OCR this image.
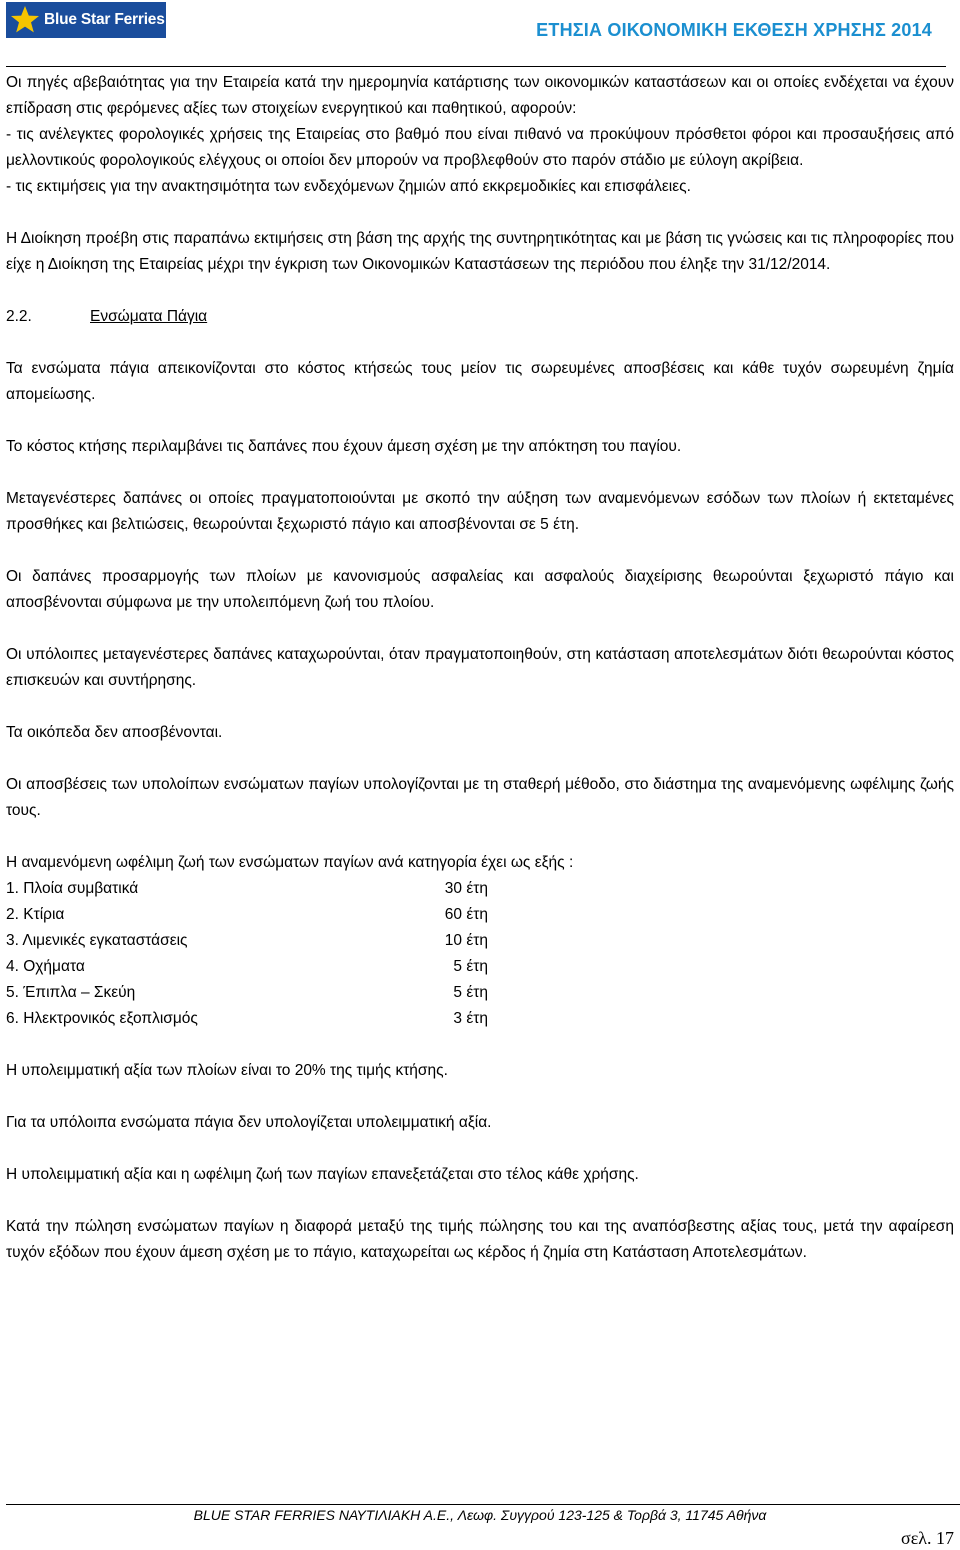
Blue Star Ferries
ΕΤΗΣΙΑ ΟΙΚΟΝΟΜΙΚΗ ΕΚΘΕΣΗ ΧΡΗΣΗΣ 2014

Οι πηγές αβεβαιότητας για την Εταιρεία κατά την ημερομηνία κατάρτισης των οικονομικών καταστάσεων και οι οποίες ενδέχεται να έχουν επίδραση στις φερόμενες αξίες των στοιχείων ενεργητικού και παθητικού, αφορούν:

- τις ανέλεγκτες φορολογικές χρήσεις της Εταιρείας στο βαθμό που είναι πιθανό να προκύψουν πρόσθετοι φόροι και προσαυξήσεις από μελλοντικούς φορολογικούς ελέγχους οι οποίοι δεν μπορούν να προβλεφθούν στο παρόν στάδιο με εύλογη ακρίβεια.

- τις εκτιμήσεις για την ανακτησιμότητα των ενδεχόμενων ζημιών από εκκρεμοδικίες και επισφάλειες.

Η Διοίκηση προέβη στις παραπάνω εκτιμήσεις στη βάση της αρχής της συντηρητικότητας και με βάση τις γνώσεις και τις πληροφορίες που είχε η Διοίκηση της Εταιρείας μέχρι την έγκριση των Οικονομικών Καταστάσεων της περιόδου που έληξε την 31/12/2014.

2.2.	Ενσώματα Πάγια

Τα ενσώματα πάγια απεικονίζονται στο κόστος κτήσεώς τους μείον τις σωρευμένες αποσβέσεις και κάθε τυχόν σωρευμένη ζημία απομείωσης.

Το κόστος κτήσης περιλαμβάνει τις δαπάνες που έχουν άμεση σχέση με την απόκτηση του παγίου.

Μεταγενέστερες δαπάνες οι οποίες πραγματοποιούνται με σκοπό την αύξηση των αναμενόμενων εσόδων των πλοίων ή εκτεταμένες προσθήκες και βελτιώσεις, θεωρούνται ξεχωριστό πάγιο και αποσβένονται σε 5 έτη.

Οι δαπάνες προσαρμογής των πλοίων με κανονισμούς ασφαλείας και ασφαλούς διαχείρισης θεωρούνται ξεχωριστό πάγιο και αποσβένονται σύμφωνα με την υπολειπόμενη ζωή του πλοίου.

Οι υπόλοιπες μεταγενέστερες δαπάνες καταχωρούνται, όταν πραγματοποιηθούν, στη κατάσταση αποτελεσμάτων διότι θεωρούνται κόστος επισκευών και συντήρησης.

Τα οικόπεδα δεν αποσβένονται.

Οι αποσβέσεις των υπολοίπων ενσώματων παγίων υπολογίζονται με τη σταθερή μέθοδο, στο διάστημα της αναμενόμενης ωφέλιμης ζωής τους.

Η αναμενόμενη ωφέλιμη ζωή των ενσώματων παγίων ανά κατηγορία έχει ως εξής :

1. Πλοία συμβατικά	30 έτη
2. Κτίρια	60 έτη
3. Λιμενικές εγκαταστάσεις	10 έτη
4. Οχήματα	5 έτη
5. Έπιπλα – Σκεύη	5 έτη
6. Ηλεκτρονικός εξοπλισμός	3 έτη

Η υπολειμματική αξία των πλοίων είναι το 20% της τιμής κτήσης.

Για τα υπόλοιπα ενσώματα πάγια δεν υπολογίζεται υπολειμματική αξία.

Η υπολειμματική αξία και η ωφέλιμη ζωή των παγίων επανεξετάζεται στο τέλος κάθε χρήσης.

Κατά την πώληση ενσώματων παγίων η διαφορά μεταξύ της τιμής πώλησης του και της αναπόσβεστης αξίας τους, μετά την αφαίρεση τυχόν εξόδων που έχουν άμεση σχέση με το πάγιο, καταχωρείται ως κέρδος ή ζημία στη Κατάσταση Αποτελεσμάτων.

BLUE STAR FERRIES ΝΑΥΤΙΛΙΑΚΗ Α.Ε., Λεωφ. Συγγρού 123-125 & Τορβά 3, 11745 Αθήνα
σελ. 17
